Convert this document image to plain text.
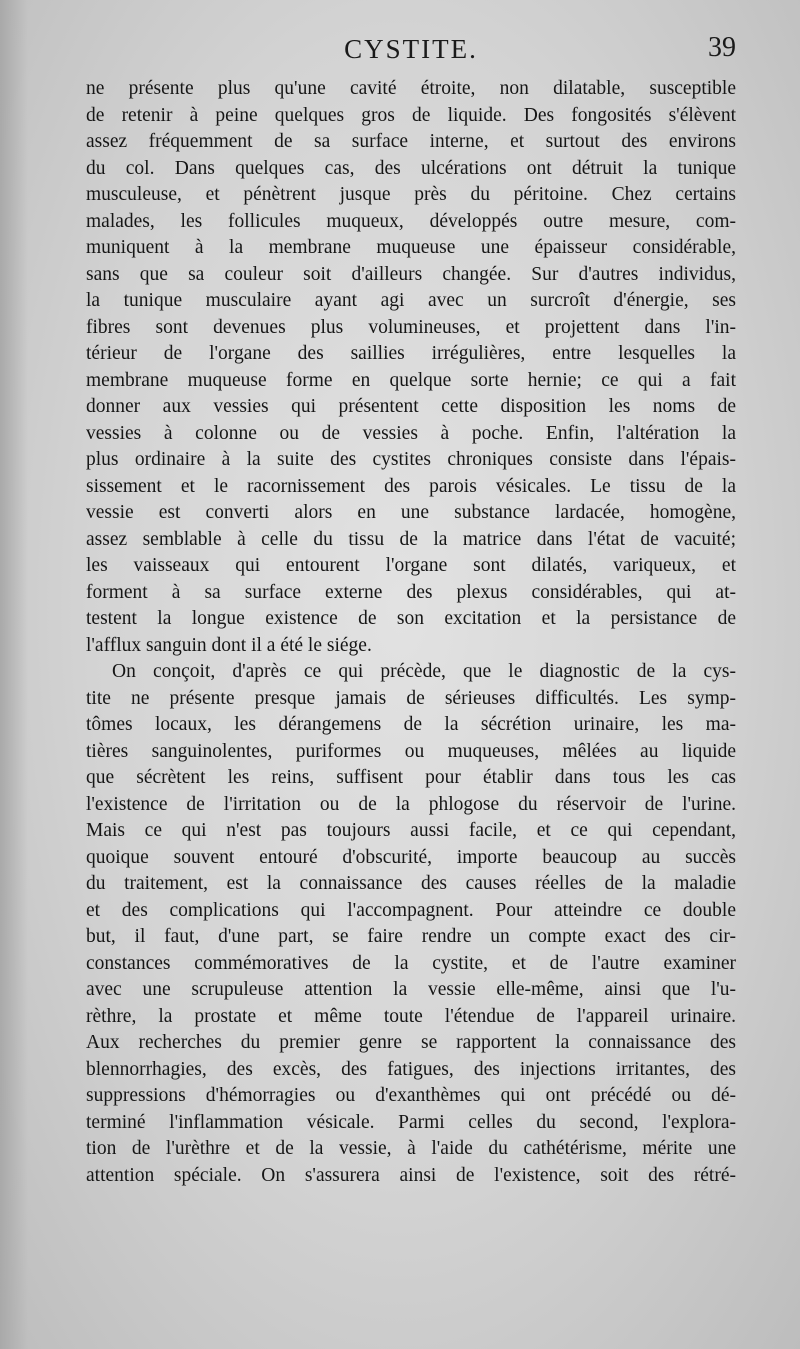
CYSTITE.	39
ne présente plus qu'une cavité étroite, non dilatable, susceptible
de retenir à peine quelques gros de liquide. Des fongosités s'élèvent
assez fréquemment de sa surface interne, et surtout des environs
du col. Dans quelques cas, des ulcérations ont détruit la tunique
musculeuse, et pénètrent jusque près du péritoine. Chez certains
malades, les follicules muqueux, développés outre mesure, com-
muniquent à la membrane muqueuse une épaisseur considérable,
sans que sa couleur soit d'ailleurs changée. Sur d'autres individus,
la tunique musculaire ayant agi avec un surcroît d'énergie, ses
fibres sont devenues plus volumineuses, et projettent dans l'in-
térieur de l'organe des saillies irrégulières, entre lesquelles la
membrane muqueuse forme en quelque sorte hernie; ce qui a fait
donner aux vessies qui présentent cette disposition les noms de
vessies à colonne ou de vessies à poche. Enfin, l'altération la
plus ordinaire à la suite des cystites chroniques consiste dans l'épais-
sissement et le racornissement des parois vésicales. Le tissu de la
vessie est converti alors en une substance lardacée, homogène,
assez semblable à celle du tissu de la matrice dans l'état de vacuité;
les vaisseaux qui entourent l'organe sont dilatés, variqueux, et
forment à sa surface externe des plexus considérables, qui at-
testent la longue existence de son excitation et la persistance de
l'afflux sanguin dont il a été le siége.
On conçoit, d'après ce qui précède, que le diagnostic de la cys-
tite ne présente presque jamais de sérieuses difficultés. Les symp-
tômes locaux, les dérangemens de la sécrétion urinaire, les ma-
tières sanguinolentes, puriformes ou muqueuses, mêlées au liquide
que sécrètent les reins, suffisent pour établir dans tous les cas
l'existence de l'irritation ou de la phlogose du réservoir de l'urine.
Mais ce qui n'est pas toujours aussi facile, et ce qui cependant,
quoique souvent entouré d'obscurité, importe beaucoup au succès
du traitement, est la connaissance des causes réelles de la maladie
et des complications qui l'accompagnent. Pour atteindre ce double
but, il faut, d'une part, se faire rendre un compte exact des cir-
constances commémoratives de la cystite, et de l'autre examiner
avec une scrupuleuse attention la vessie elle-même, ainsi que l'u-
rèthre, la prostate et même toute l'étendue de l'appareil urinaire.
Aux recherches du premier genre se rapportent la connaissance des
blennorrhagies, des excès, des fatigues, des injections irritantes, des
suppressions d'hémorragies ou d'exanthèmes qui ont précédé ou dé-
terminé l'inflammation vésicale. Parmi celles du second, l'explora-
tion de l'urèthre et de la vessie, à l'aide du cathétérisme, mérite une
attention spéciale. On s'assurera ainsi de l'existence, soit des rétré-
